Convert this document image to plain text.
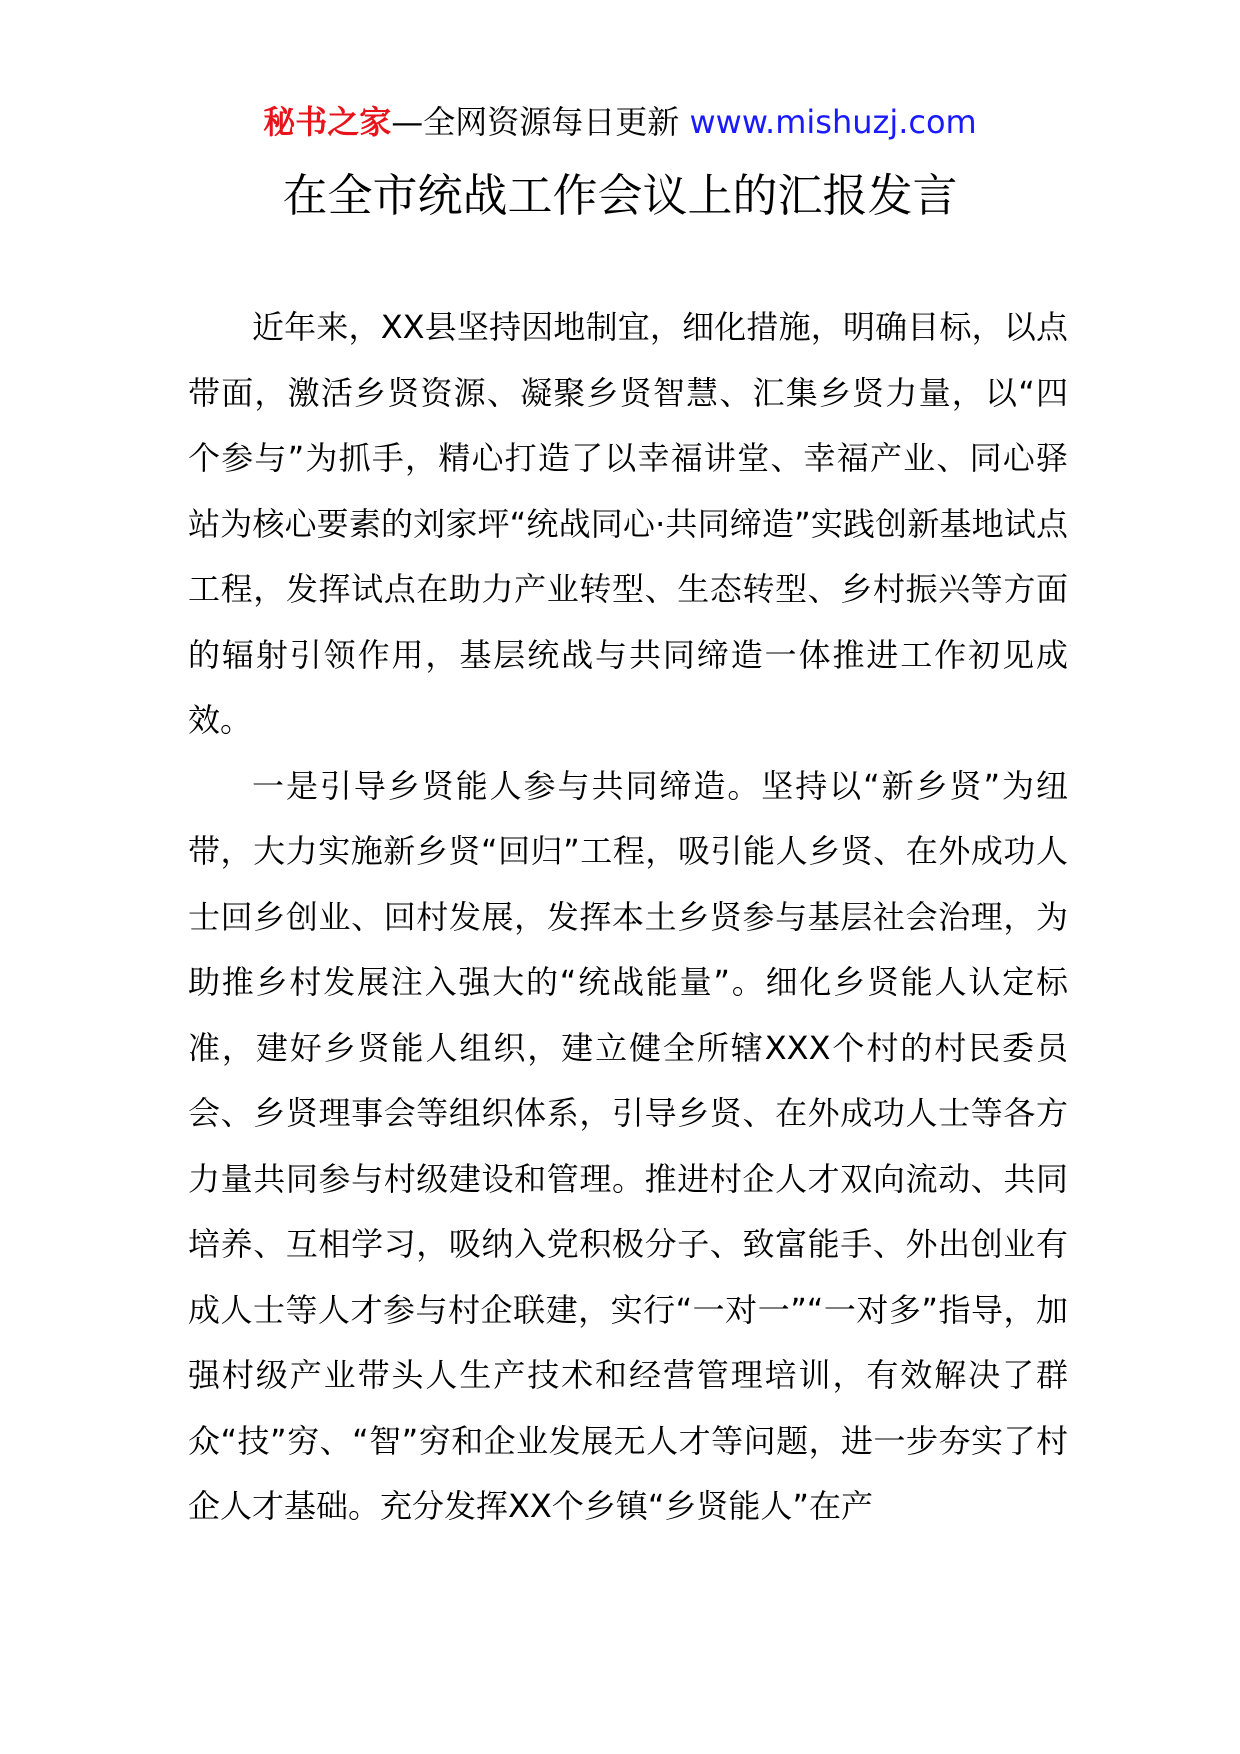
秘书之家—全网资源每日更新 www.mishuzj.com
在全市统战工作会议上的汇报发言

近年来，XX县坚持因地制宜，细化措施，明确目标，以点带面，激活乡贤资源、凝聚乡贤智慧、汇集乡贤力量，以“四个参与”为抓手，精心打造了以幸福讲堂、幸福产业、同心驿站为核心要素的刘家坪“统战同心·共同缔造”实践创新基地试点工程，发挥试点在助力产业转型、生态转型、乡村振兴等方面的辐射引领作用，基层统战与共同缔造一体推进工作初见成效。

一是引导乡贤能人参与共同缔造。坚持以“新乡贤”为纽带，大力实施新乡贤“回归”工程，吸引能人乡贤、在外成功人士回乡创业、回村发展，发挥本土乡贤参与基层社会治理，为助推乡村发展注入强大的“统战能量”。细化乡贤能人认定标准，建好乡贤能人组织，建立健全所辖XXX个村的村民委员会、乡贤理事会等组织体系，引导乡贤、在外成功人士等各方力量共同参与村级建设和管理。推进村企人才双向流动、共同培养、互相学习，吸纳入党积极分子、致富能手、外出创业有成人士等人才参与村企联建，实行“一对一”“一对多”指导，加强村级产业带头人生产技术和经营管理培训，有效解决了群众“技”穷、“智”穷和企业发展无人才等问题，进一步夯实了村企人才基础。充分发挥XX个乡镇“乡贤能人”在产
